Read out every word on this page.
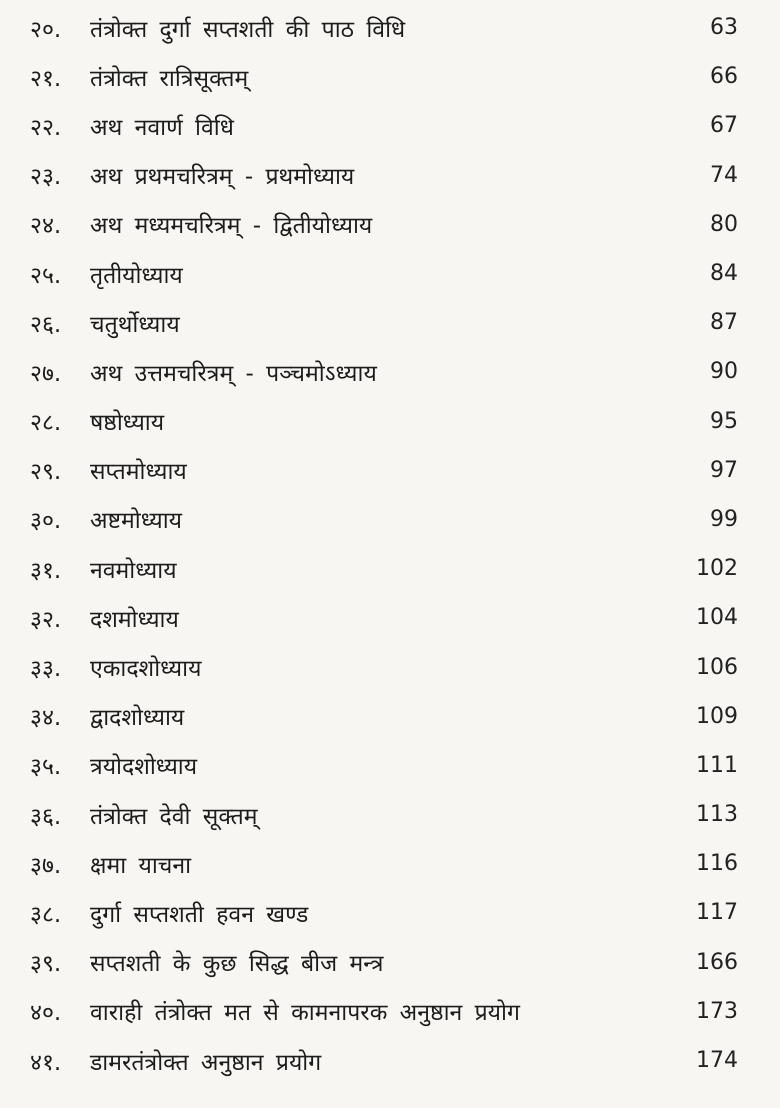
२०.	तंत्रोक्त दुर्गा सप्तशती की पाठ विधि	63
२१.	तंत्रोक्त रात्रिसूक्तम्	66
२२.	अथ नवार्ण विधि	67
२३.	अथ प्रथमचरित्रम् - प्रथमोध्याय	74
२४.	अथ मध्यमचरित्रम् - द्वितीयोध्याय	80
२५.	तृतीयोध्याय	84
२६.	चतुर्थोध्याय	87
२७.	अथ उत्तमचरित्रम् - पञ्चमोऽध्याय	90
२८.	षष्ठोध्याय	95
२९.	सप्तमोध्याय	97
३०.	अष्टमोध्याय	99
३१.	नवमोध्याय	102
३२.	दशमोध्याय	104
३३.	एकादशोध्याय	106
३४.	द्वादशोध्याय	109
३५.	त्रयोदशोध्याय	111
३६.	तंत्रोक्त देवी सूक्तम्	113
३७.	क्षमा याचना	116
३८.	दुर्गा सप्तशती हवन खण्ड	117
३९.	सप्तशती के कुछ सिद्ध बीज मन्त्र	166
४०.	वाराही तंत्रोक्त मत से कामनापरक अनुष्ठान प्रयोग	173
४१.	डामरतंत्रोक्त अनुष्ठान प्रयोग	174
